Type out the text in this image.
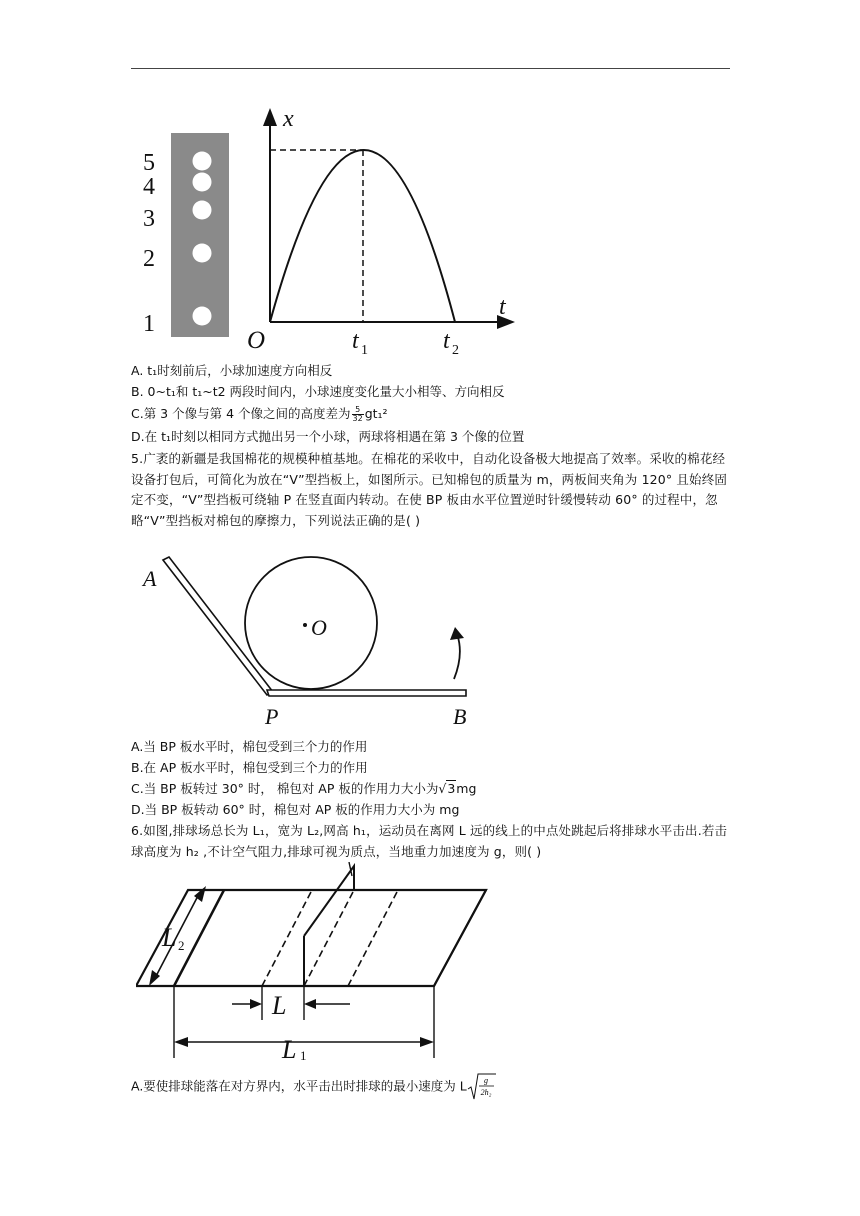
5
4
3
2
1
x
t
O	t 1	t 2
A. t₁时刻前后，小球加速度方向相反
B. 0~t₁和 t₁~t2 两段时间内，小球速度变化量大小相等、方向相反
C.第 3 个像与第 4 个像之间的高度差为 $\frac{5}{32} gt_1^2$
D.在 t₁时刻以相同方式抛出另一个小球，两球将相遇在第 3 个像的位置
5.广袤的新疆是我国棉花的规模种植基地。在棉花的采收中，自动化设备极大地提高了效率。采收的棉花经设备打包后，可简化为放在“V”型挡板上，如图所示。已知棉包的质量为 m，两板间夹角为 120° 且始终固定不变，“V”型挡板可绕轴 P 在竖直面内转动。在使 BP 板由水平位置逆时针缓慢转动 60° 的过程中，忽略“V”型挡板对棉包的摩擦力，下列说法正确的是( )
A
O
P	B
A.当 BP 板水平时，棉包受到三个力的作用
B.在 AP 板水平时，棉包受到三个力的作用
C.当 BP 板转过 30° 时， 棉包对 AP 板的作用力大小为√3mg
D.当 BP 板转动 60° 时，棉包对 AP 板的作用力大小为 mg
6.如图,排球场总长为 L₁，宽为 L₂,网高 h₁，运动员在离网 L 远的线上的中点处跳起后将排球水平击出.若击球高度为 h₂ ,不计空气阻力,排球可视为质点，当地重力加速度为 g，则( )
L 2
L
L 1
A.要使排球能落在对方界内，水平击出时排球的最小速度为 L g
2h₂
